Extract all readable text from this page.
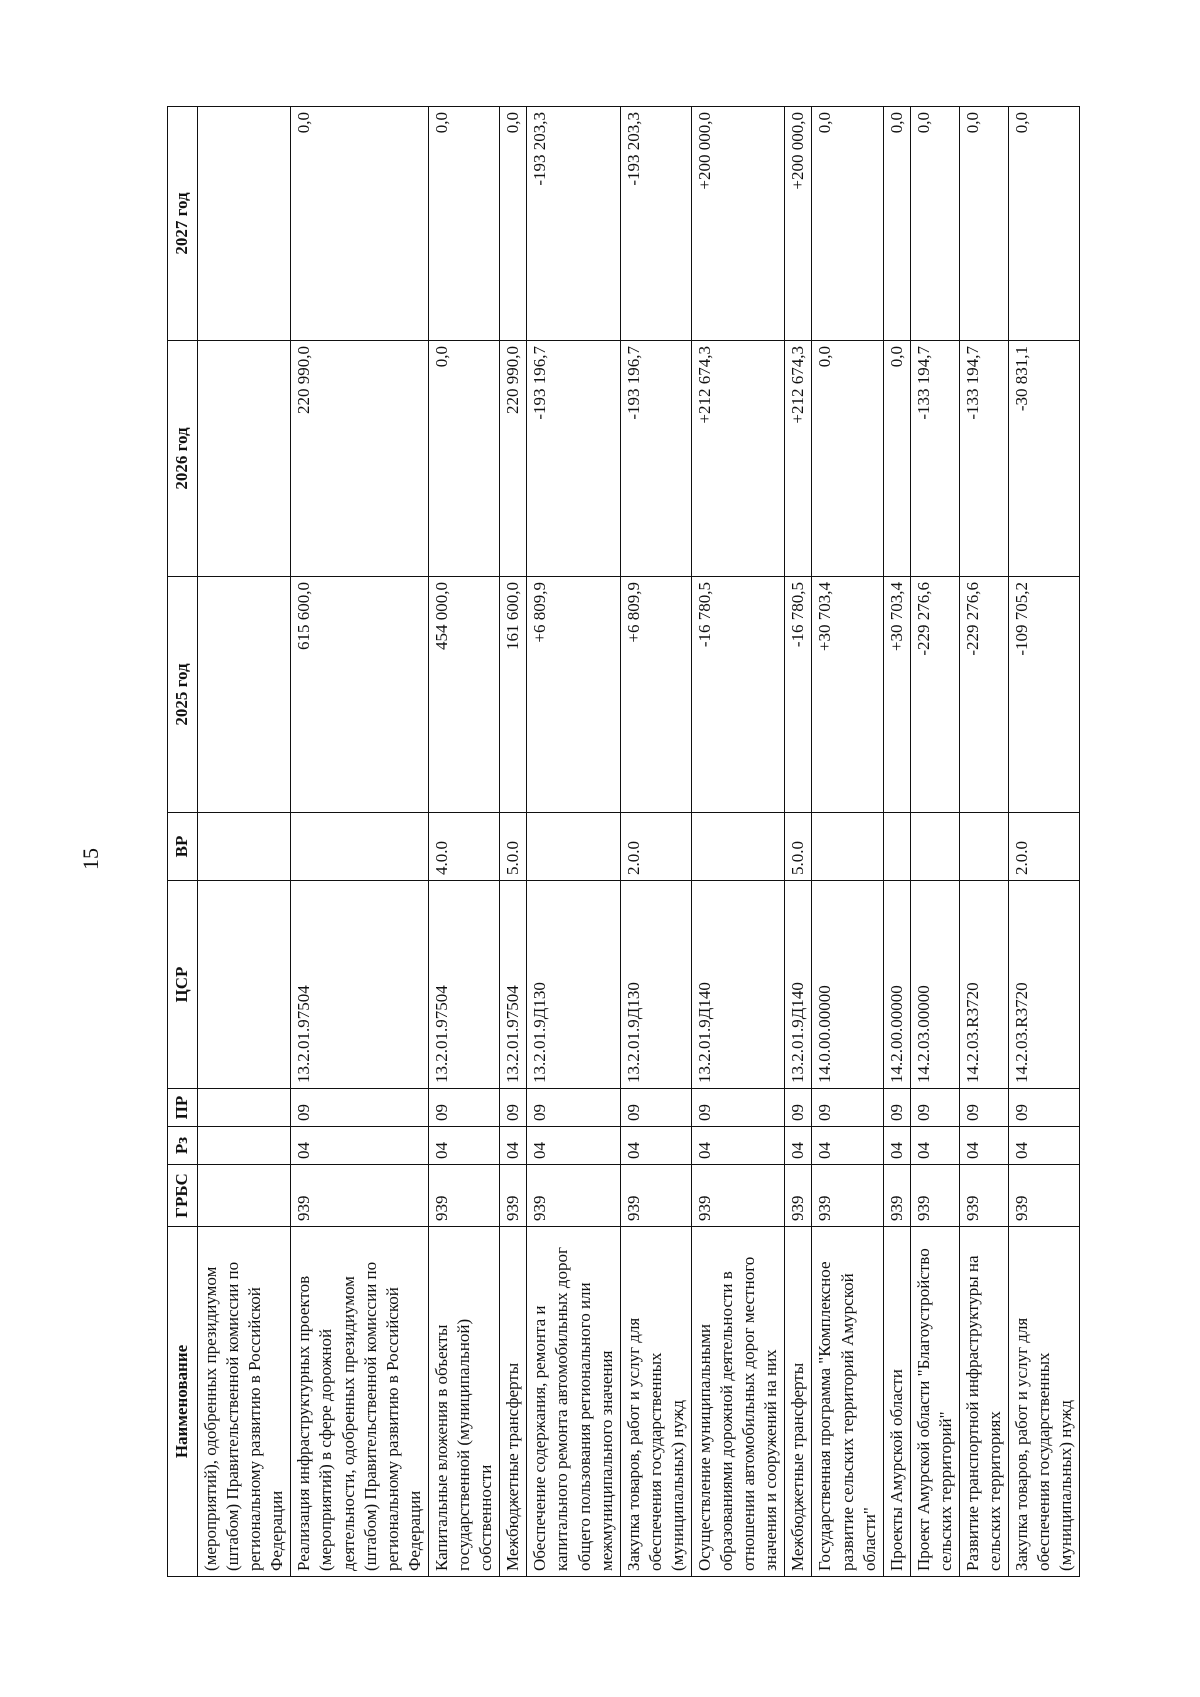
15
Наименование	ГРБС	Рз	ПР	ЦСР	ВР	2025 год	2026 год	2027 год
(мероприятий), одобренных президиумом (штабом) Правительственной комиссии по региональному развитию в Российской Федерации								
Реализация инфраструктурных проектов (мероприятий) в сфере дорожной деятельности, одобренных президиумом (штабом) Правительственной комиссии по региональному развитию в Российской Федерации	939	04	09	13.2.01.97504		615 600,0	220 990,0	0,0
Капитальные вложения в объекты государственной (муниципальной) собственности	939	04	09	13.2.01.97504	4.0.0	454 000,0	0,0	0,0
Межбюджетные трансферты	939	04	09	13.2.01.97504	5.0.0	161 600,0	220 990,0	0,0
Обеспечение содержания, ремонта и капитального ремонта автомобильных дорог общего пользования регионального или межмуниципального значения	939	04	09	13.2.01.9Д130		+6 809,9	-193 196,7	-193 203,3
Закупка товаров, работ и услуг для обеспечения государственных (муниципальных) нужд	939	04	09	13.2.01.9Д130	2.0.0	+6 809,9	-193 196,7	-193 203,3
Осуществление муниципальными образованиями дорожной деятельности в отношении автомобильных дорог местного значения и сооружений на них	939	04	09	13.2.01.9Д140		-16 780,5	+212 674,3	+200 000,0
Межбюджетные трансферты	939	04	09	13.2.01.9Д140	5.0.0	-16 780,5	+212 674,3	+200 000,0
Государственная программа "Комплексное развитие сельских территорий Амурской области"	939	04	09	14.0.00.00000		+30 703,4	0,0	0,0
Проекты Амурской области	939	04	09	14.2.00.00000		+30 703,4	0,0	0,0
Проект Амурской области "Благоустройство сельских территорий"	939	04	09	14.2.03.00000		-229 276,6	-133 194,7	0,0
Развитие транспортной инфраструктуры на сельских территориях	939	04	09	14.2.03.R3720		-229 276,6	-133 194,7	0,0
Закупка товаров, работ и услуг для обеспечения государственных (муниципальных) нужд	939	04	09	14.2.03.R3720	2.0.0	-109 705,2	-30 831,1	0,0
